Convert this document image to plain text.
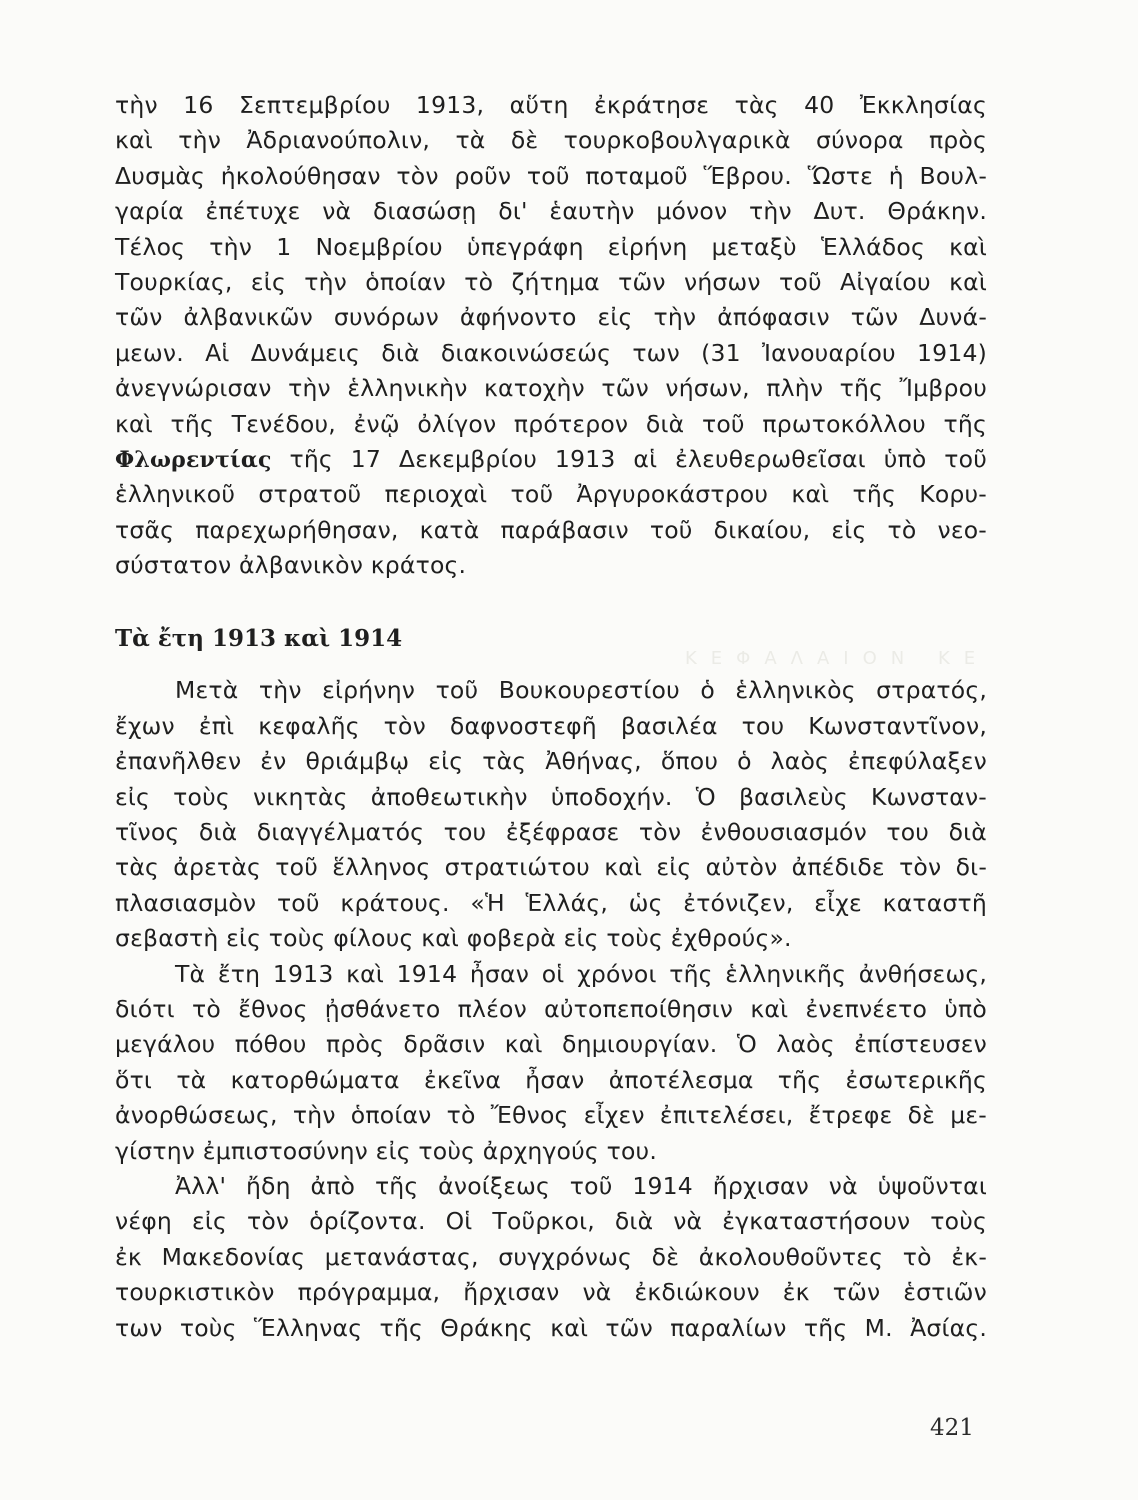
ΚΕΦΑΛΑΙΟΝ ΚΕ
τὴν 16 Σεπτεμβρίου 1913, αὕτη ἐκράτησε τὰς 40 Ἐκκλησίας
καὶ τὴν Ἀδριανούπολιν, τὰ δὲ τουρκοβουλγαρικὰ σύνορα πρὸς
Δυσμὰς ἠκολούθησαν τὸν ροῦν τοῦ ποταμοῦ Ἕβρου. Ὥστε ἡ Βουλ-
γαρία ἐπέτυχε νὰ διασώσῃ δι' ἑαυτὴν μόνον τὴν Δυτ. Θράκην.
Τέλος τὴν 1 Νοεμβρίου ὑπεγράφη εἰρήνη μεταξὺ Ἑλλάδος καὶ
Τουρκίας, εἰς τὴν ὁποίαν τὸ ζήτημα τῶν νήσων τοῦ Αἰγαίου καὶ
τῶν ἀλβανικῶν συνόρων ἀφήνοντο εἰς τὴν ἀπόφασιν τῶν Δυνά-
μεων. Αἱ Δυνάμεις διὰ διακοινώσεώς των (31 Ἰανουαρίου 1914)
ἀνεγνώρισαν τὴν ἑλληνικὴν κατοχὴν τῶν νήσων, πλὴν τῆς Ἴμβρου
καὶ τῆς Τενέδου, ἐνῷ ὀλίγον πρότερον διὰ τοῦ πρωτοκόλλου τῆς
Φλωρεντίας τῆς 17 Δεκεμβρίου 1913 αἱ ἐλευθερωθεῖσαι ὑπὸ τοῦ
ἑλληνικοῦ στρατοῦ περιοχαὶ τοῦ Ἀργυροκάστρου καὶ τῆς Κορυ-
τσᾶς παρεχωρήθησαν, κατὰ παράβασιν τοῦ δικαίου, εἰς τὸ νεο-
σύστατον ἀλβανικὸν κράτος.
Τὰ ἔτη 1913 καὶ 1914
Μετὰ τὴν εἰρήνην τοῦ Βουκουρεστίου ὁ ἑλληνικὸς στρατός,
ἔχων ἐπὶ κεφαλῆς τὸν δαφνοστεφῆ βασιλέα του Κωνσταντῖνον,
ἐπανῆλθεν ἐν θριάμβῳ εἰς τὰς Ἀθήνας, ὅπου ὁ λαὸς ἐπεφύλαξεν
εἰς τοὺς νικητὰς ἀποθεωτικὴν ὑποδοχήν. Ὁ βασιλεὺς Κωνσταν-
τῖνος διὰ διαγγέλματός του ἐξέφρασε τὸν ἐνθουσιασμόν του διὰ
τὰς ἀρετὰς τοῦ ἕλληνος στρατιώτου καὶ εἰς αὐτὸν ἀπέδιδε τὸν δι-
πλασιασμὸν τοῦ κράτους. «Ἡ Ἑλλάς, ὡς ἐτόνιζεν, εἶχε καταστῆ
σεβαστὴ εἰς τοὺς φίλους καὶ φοβερὰ εἰς τοὺς ἐχθρούς».
Τὰ ἔτη 1913 καὶ 1914 ἦσαν οἱ χρόνοι τῆς ἑλληνικῆς ἀνθήσεως,
διότι τὸ ἔθνος ᾐσθάνετο πλέον αὐτοπεποίθησιν καὶ ἐνεπνέετο ὑπὸ
μεγάλου πόθου πρὸς δρᾶσιν καὶ δημιουργίαν. Ὁ λαὸς ἐπίστευσεν
ὅτι τὰ κατορθώματα ἐκεῖνα ἦσαν ἀποτέλεσμα τῆς ἐσωτερικῆς
ἀνορθώσεως, τὴν ὁποίαν τὸ Ἔθνος εἶχεν ἐπιτελέσει, ἔτρεφε δὲ με-
γίστην ἐμπιστοσύνην εἰς τοὺς ἀρχηγούς του.
Ἀλλ' ἤδη ἀπὸ τῆς ἀνοίξεως τοῦ 1914 ἤρχισαν νὰ ὑψοῦνται
νέφη εἰς τὸν ὁρίζοντα. Οἱ Τοῦρκοι, διὰ νὰ ἐγκαταστήσουν τοὺς
ἐκ Μακεδονίας μετανάστας, συγχρόνως δὲ ἀκολουθοῦντες τὸ ἐκ-
τουρκιστικὸν πρόγραμμα, ἤρχισαν νὰ ἐκδιώκουν ἐκ τῶν ἑστιῶν
των τοὺς Ἕλληνας τῆς Θράκης καὶ τῶν παραλίων τῆς Μ. Ἀσίας.
421
